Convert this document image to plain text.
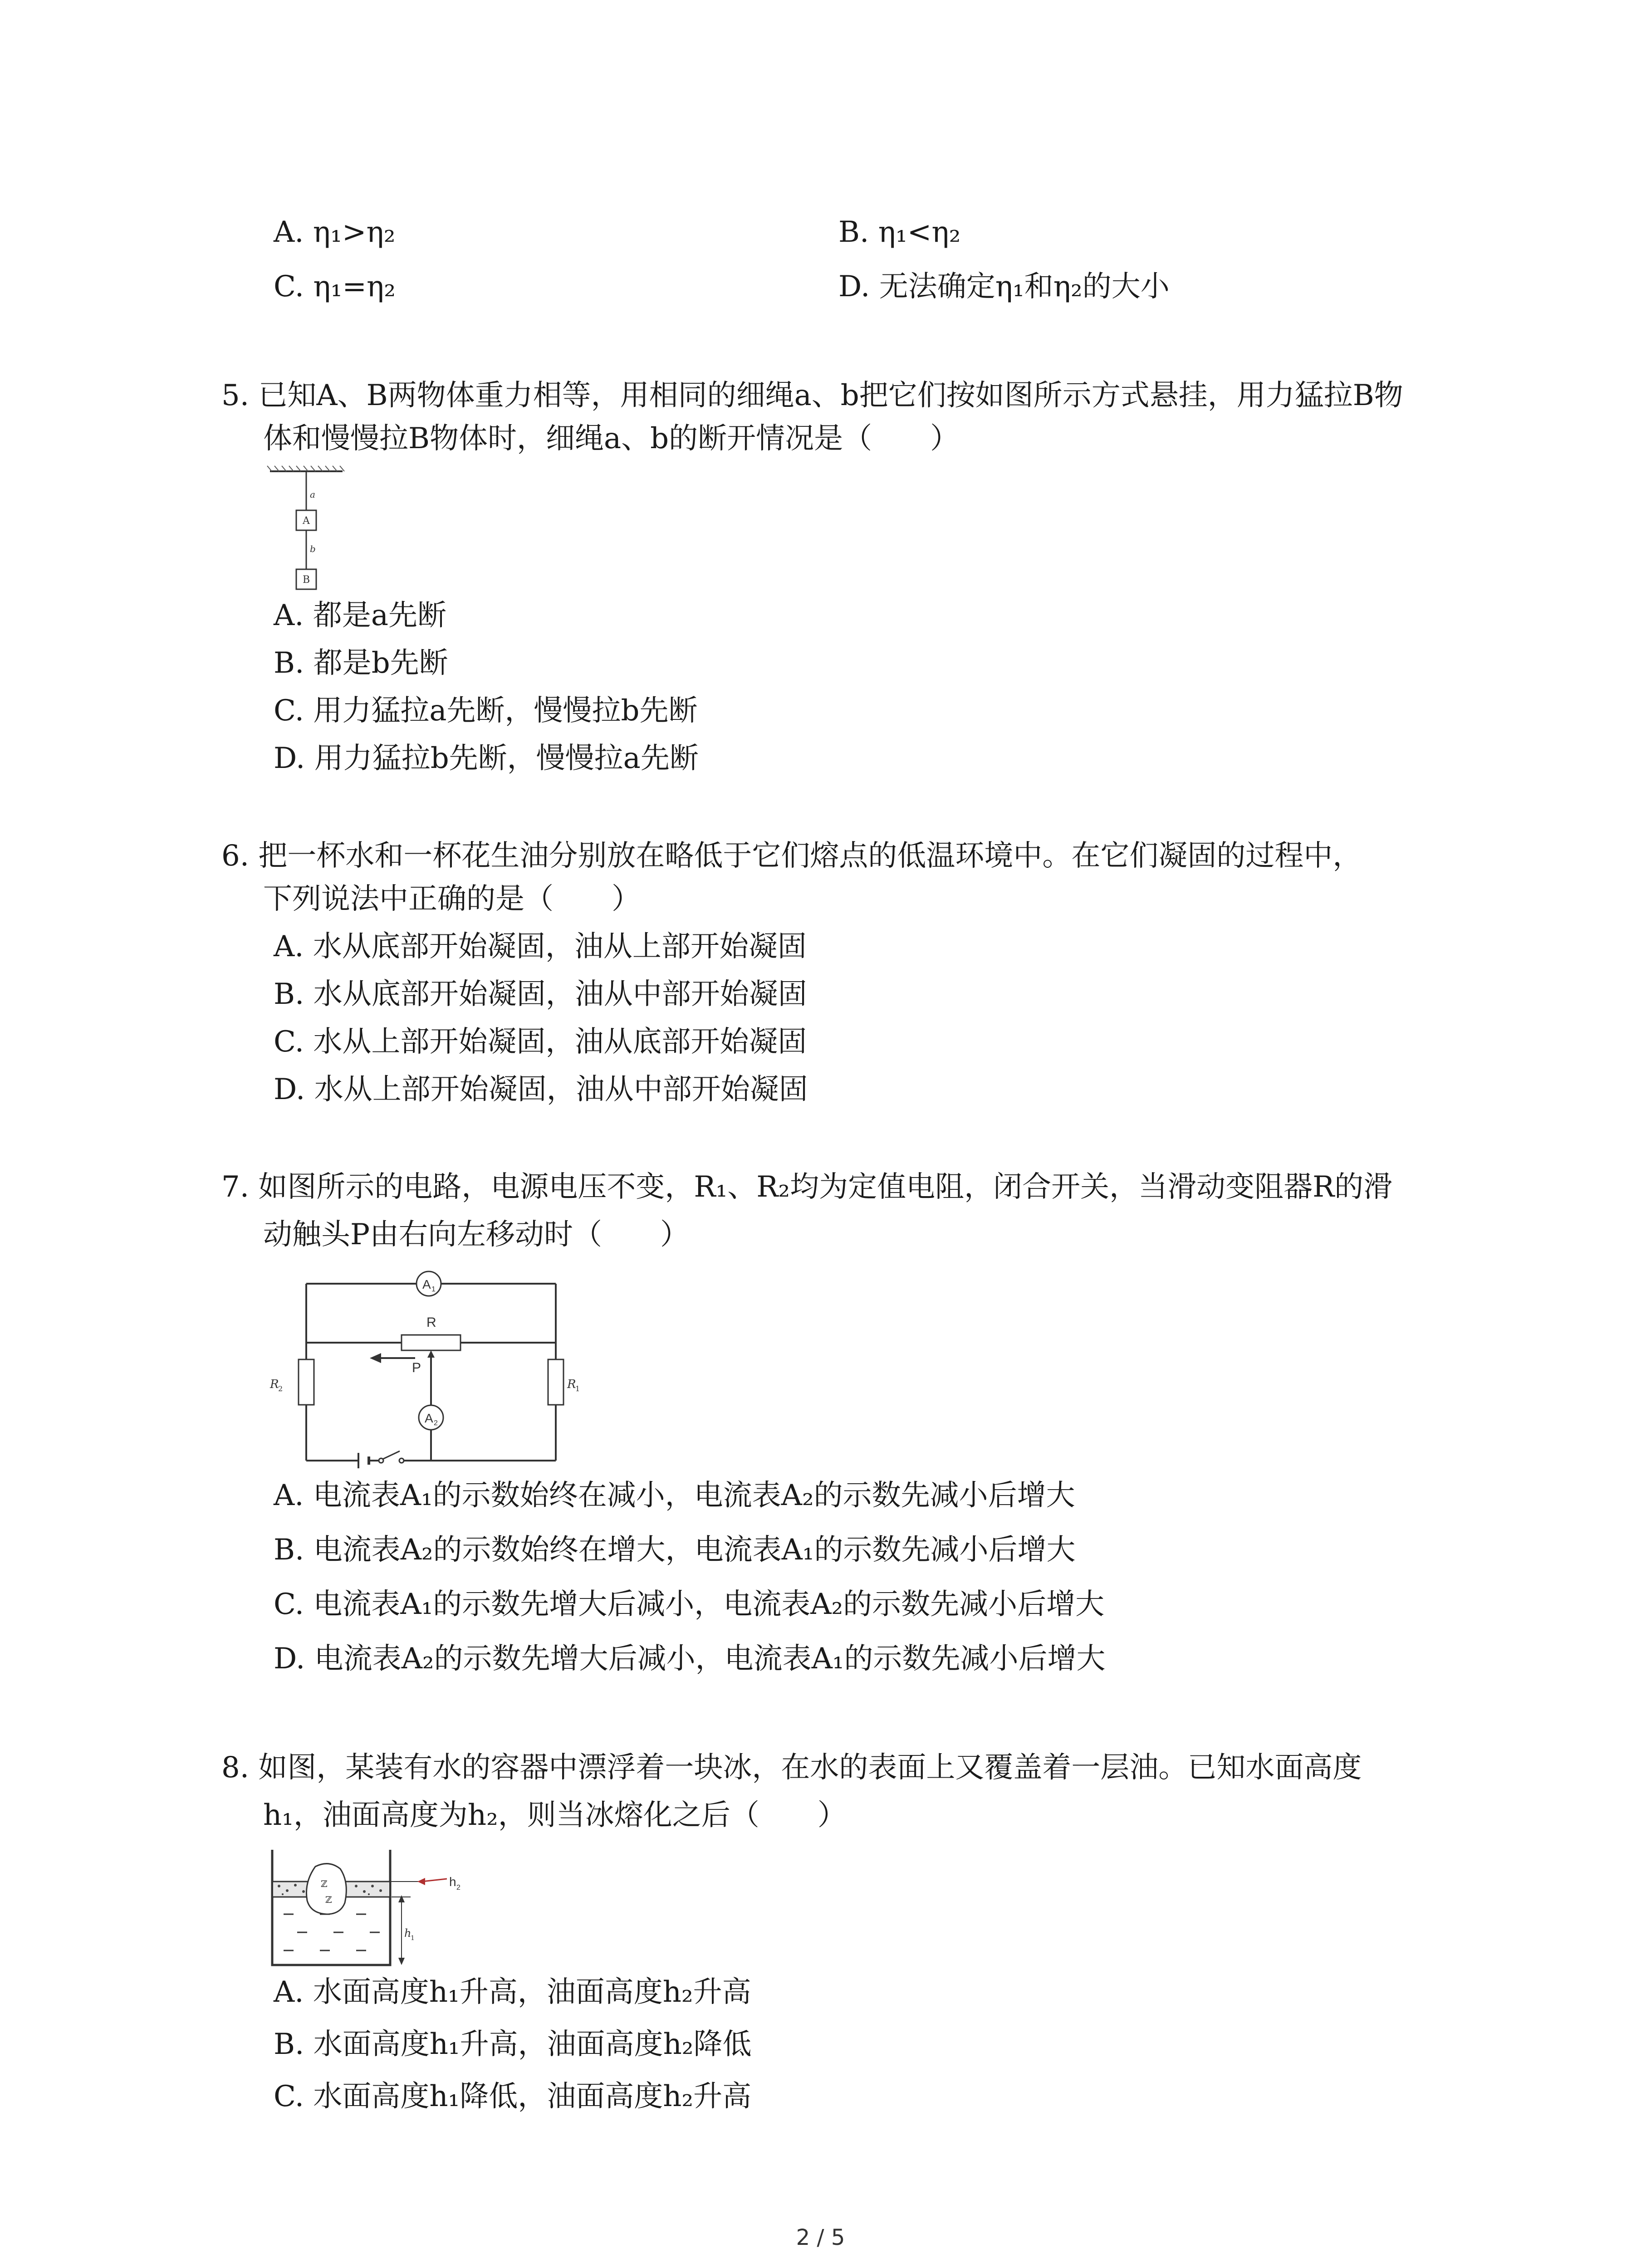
A. η₁>η₂	B. η₁<η₂
C. η₁=η₂	D. 无法确定η₁和η₂的大小
5. 已知A、B两物体重力相等，用相同的细绳a、b把它们按如图所示方式悬挂，用力猛拉B物
体和慢慢拉B物体时，细绳a、b的断开情况是（　　）
a
A
b
B
A. 都是a先断
B. 都是b先断
C. 用力猛拉a先断，慢慢拉b先断
D. 用力猛拉b先断，慢慢拉a先断
6. 把一杯水和一杯花生油分别放在略低于它们熔点的低温环境中。在它们凝固的过程中，
下列说法中正确的是（　　）
A. 水从底部开始凝固，油从上部开始凝固
B. 水从底部开始凝固，油从中部开始凝固
C. 水从上部开始凝固，油从底部开始凝固
D. 水从上部开始凝固，油从中部开始凝固
7. 如图所示的电路，电源电压不变，R₁、R₂均为定值电阻，闭合开关，当滑动变阻器R的滑
动触头P由右向左移动时（　　）
A 1
R
P
A 2
R
2	R
1
A. 电流表A₁的示数始终在减小，电流表A₂的示数先减小后增大
B. 电流表A₂的示数始终在增大，电流表A₁的示数先减小后增大
C. 电流表A₁的示数先增大后减小，电流表A₂的示数先减小后增大
D. 电流表A₂的示数先增大后减小，电流表A₁的示数先减小后增大
8. 如图，某装有水的容器中漂浮着一块冰，在水的表面上又覆盖着一层油。已知水面高度
h₁，油面高度为h₂，则当冰熔化之后（　　）
ℤ
ℤ
h 2
h
1
A. 水面高度h₁升高，油面高度h₂升高
B. 水面高度h₁升高，油面高度h₂降低
C. 水面高度h₁降低，油面高度h₂升高
2 / 5
